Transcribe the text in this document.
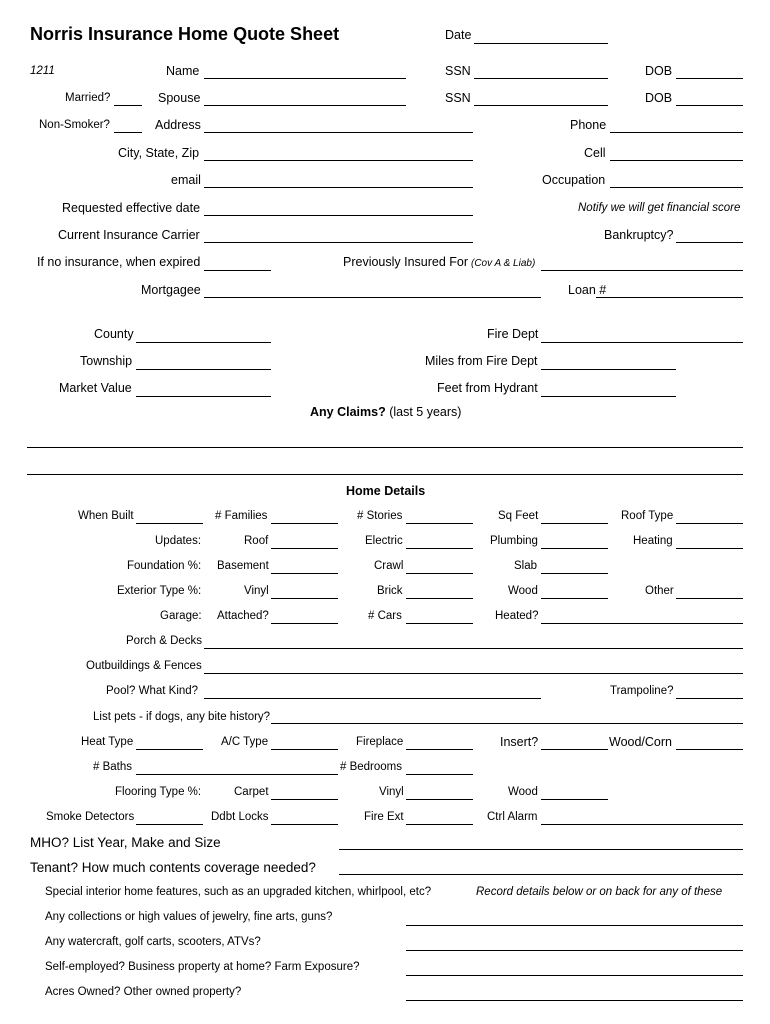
Norris Insurance Home Quote Sheet	Date
1211	Name	SSN	DOB
Married?	Spouse	SSN	DOB
Non-Smoker?	Address	Phone
City, State, Zip	Cell
email	Occupation
Requested effective date	Notify we will get financial score
Current Insurance Carrier	Bankruptcy?
If no insurance, when expired	Previously Insured For (Cov A & Liab)
Mortgagee	Loan #
County	Fire Dept
Township	Miles from Fire Dept
Market Value	Feet from Hydrant
Any Claims? (last 5 years)
Home Details
When Built	# Families	# Stories	Sq Feet	Roof Type
Updates:	Roof	Electric	Plumbing	Heating
Foundation %: Basement	Crawl	Slab
Exterior Type %:	Vinyl	Brick	Wood	Other
Garage: Attached?	# Cars	Heated?
Porch & Decks
Outbuildings & Fences
Pool? What Kind?	Trampoline?
List pets - if dogs, any bite history?
Heat Type	A/C Type	Fireplace	Insert?	Wood/Corn
# Baths	# Bedrooms
Flooring Type %:	Carpet	Vinyl	Wood
Smoke Detectors	Ddbt Locks	Fire Ext	Ctrl Alarm
MHO? List Year, Make and Size
Tenant? How much contents coverage needed?
Special interior home features, such as an upgraded kitchen, whirlpool, etc?	Record details below or on back for any of these
Any collections or high values of jewelry, fine arts, guns?
Any watercraft, golf carts, scooters, ATVs?
Self-employed? Business property at home? Farm Exposure?
Acres Owned? Other owned property?
